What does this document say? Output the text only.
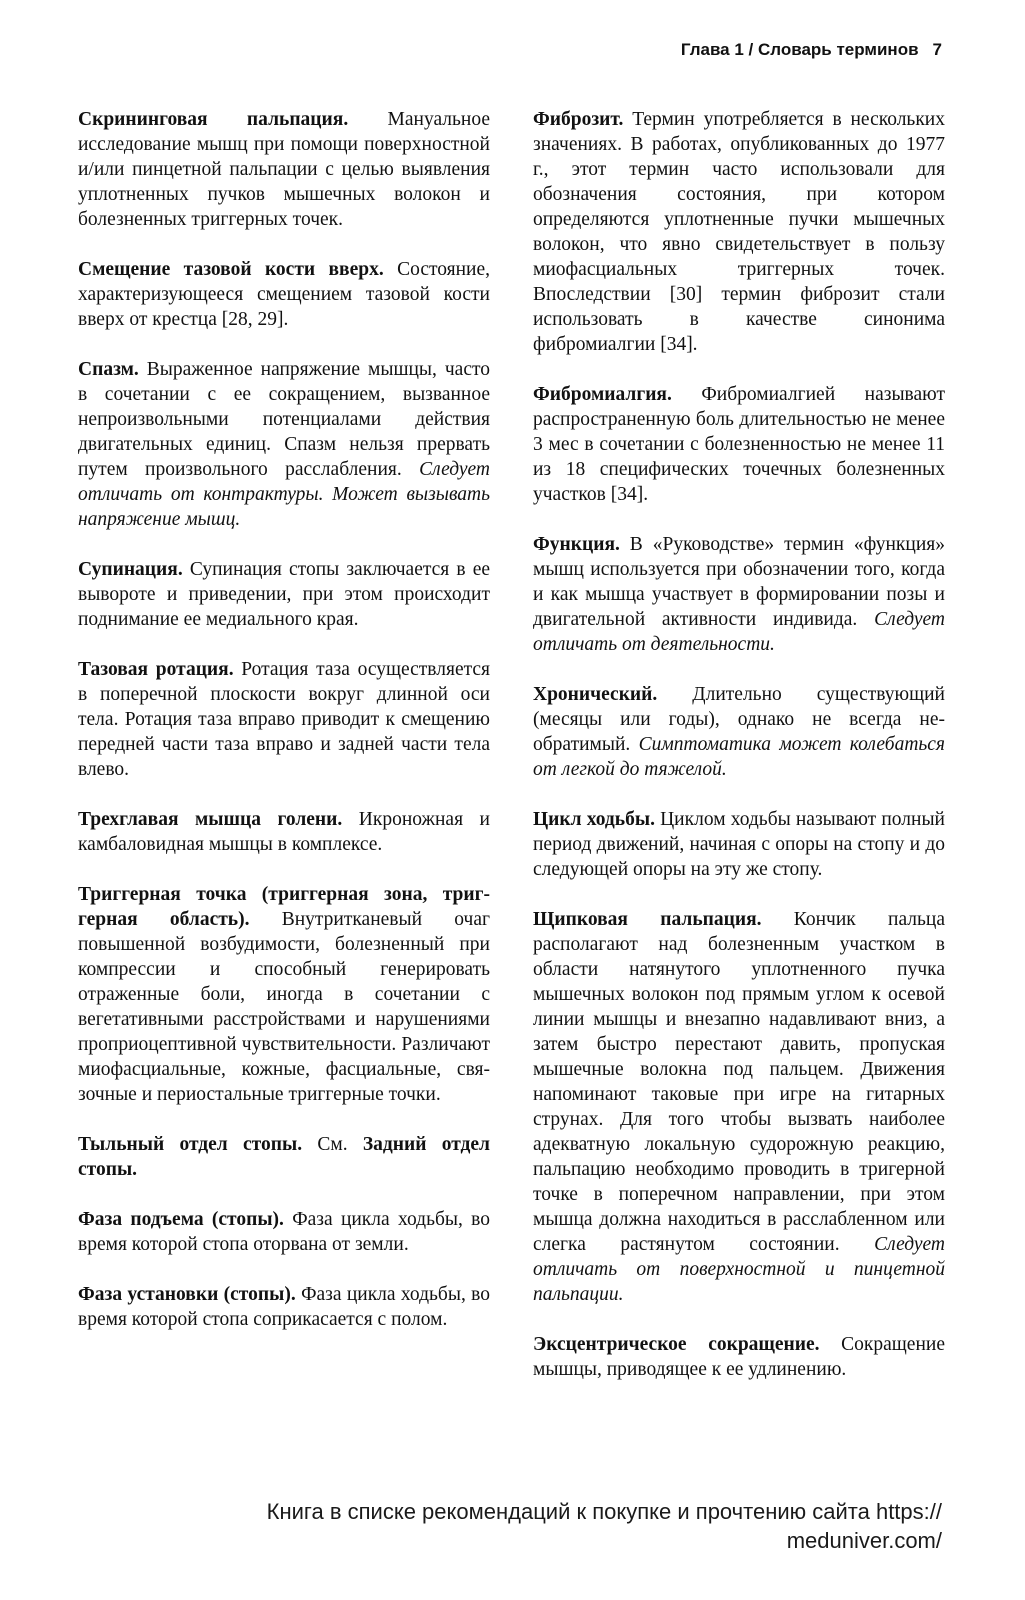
Глава 1 / Словарь терминов 7

Скрининговая пальпация. Мануальное исследование мышц при помощи поверхностной и/или пинцетной пальпации с целью выявления уплотненных пучков мышечных волокон и болезненных триггерных точек.

Смещение тазовой кости вверх. Состояние, характеризующееся смещением тазовой кости вверх от крестца [28, 29].

Спазм. Выраженное напряжение мышцы, часто в сочетании с ее сокращением, вызванное непроизвольными потенциалами действия двигательных единиц. Спазм нельзя прервать путем произвольного расслабления. Следует отличать от контрактуры. Может вызывать напряжение мышц.

Супинация. Супинация стопы заключается в ее вывороте и приведении, при этом происходит поднимание ее медиального края.

Тазовая ротация. Ротация таза осуществляется в поперечной плоскости вокруг длинной оси тела. Ротация таза вправо приводит к смещению передней части таза вправо и задней части тела влево.

Трехглавая мышца голени. Икроножная и камбаловидная мышцы в комплексе.

Триггерная точка (триггерная зона, триггерная область). Внутритканевый очаг повышенной возбудимости, болезненный при компрессии и способный генерировать отраженные боли, иногда в сочетании с вегетативными расстройствами и нарушениями проприоцептивной чувствительности. Различают миофасциальные, кожные, фасциальные, связочные и периостальные триггерные точки.

Тыльный отдел стопы. См. Задний отдел стопы.

Фаза подъема (стопы). Фаза цикла ходьбы, во время которой стопа оторвана от земли.

Фаза установки (стопы). Фаза цикла ходьбы, во время которой стопа соприкасается с полом.

Фиброзит. Термин употребляется в нескольких значениях. В работах, опубликованных до 1977 г., этот термин часто использовали для обозначения состояния, при котором определяются уплотненные пучки мышечных волокон, что явно свидетельствует в пользу миофасциальных триггерных точек. Впоследствии [30] термин фиброзит стали использовать в качестве синонима фибромиалгии [34].

Фибромиалгия. Фибромиалгией называют распространенную боль длительностью не менее 3 мес в сочетании с болезненностью не менее 11 из 18 специфических точечных болезненных участков [34].

Функция. В «Руководстве» термин «функция» мышц используется при обозначении того, когда и как мышца участвует в формировании позы и двигательной активности индивида. Следует отличать от деятельности.

Хронический. Длительно существующий (месяцы или годы), однако не всегда необратимый. Симптоматика может колебаться от легкой до тяжелой.

Цикл ходьбы. Циклом ходьбы называют полный период движений, начиная с опоры на стопу и до следующей опоры на эту же стопу.

Щипковая пальпация. Кончик пальца располагают над болезненным участком в области натянутого уплотненного пучка мышечных волокон под прямым углом к осевой линии мышцы и внезапно надавливают вниз, а затем быстро перестают давить, пропуская мышечные волокна под пальцем. Движения напоминают таковые при игре на гитарных струнах. Для того чтобы вызвать наиболее адекватную локальную судорожную реакцию, пальпацию необходимо проводить в тригерной точке в поперечном направлении, при этом мышца должна находиться в расслабленном или слегка растянутом состоянии. Следует отличать от поверхностной и пинцетной пальпации.

Эксцентрическое сокращение. Сокращение мышцы, приводящее к ее удлинению.

Книга в списке рекомендаций к покупке и прочтению сайта https://
meduniver.com/
